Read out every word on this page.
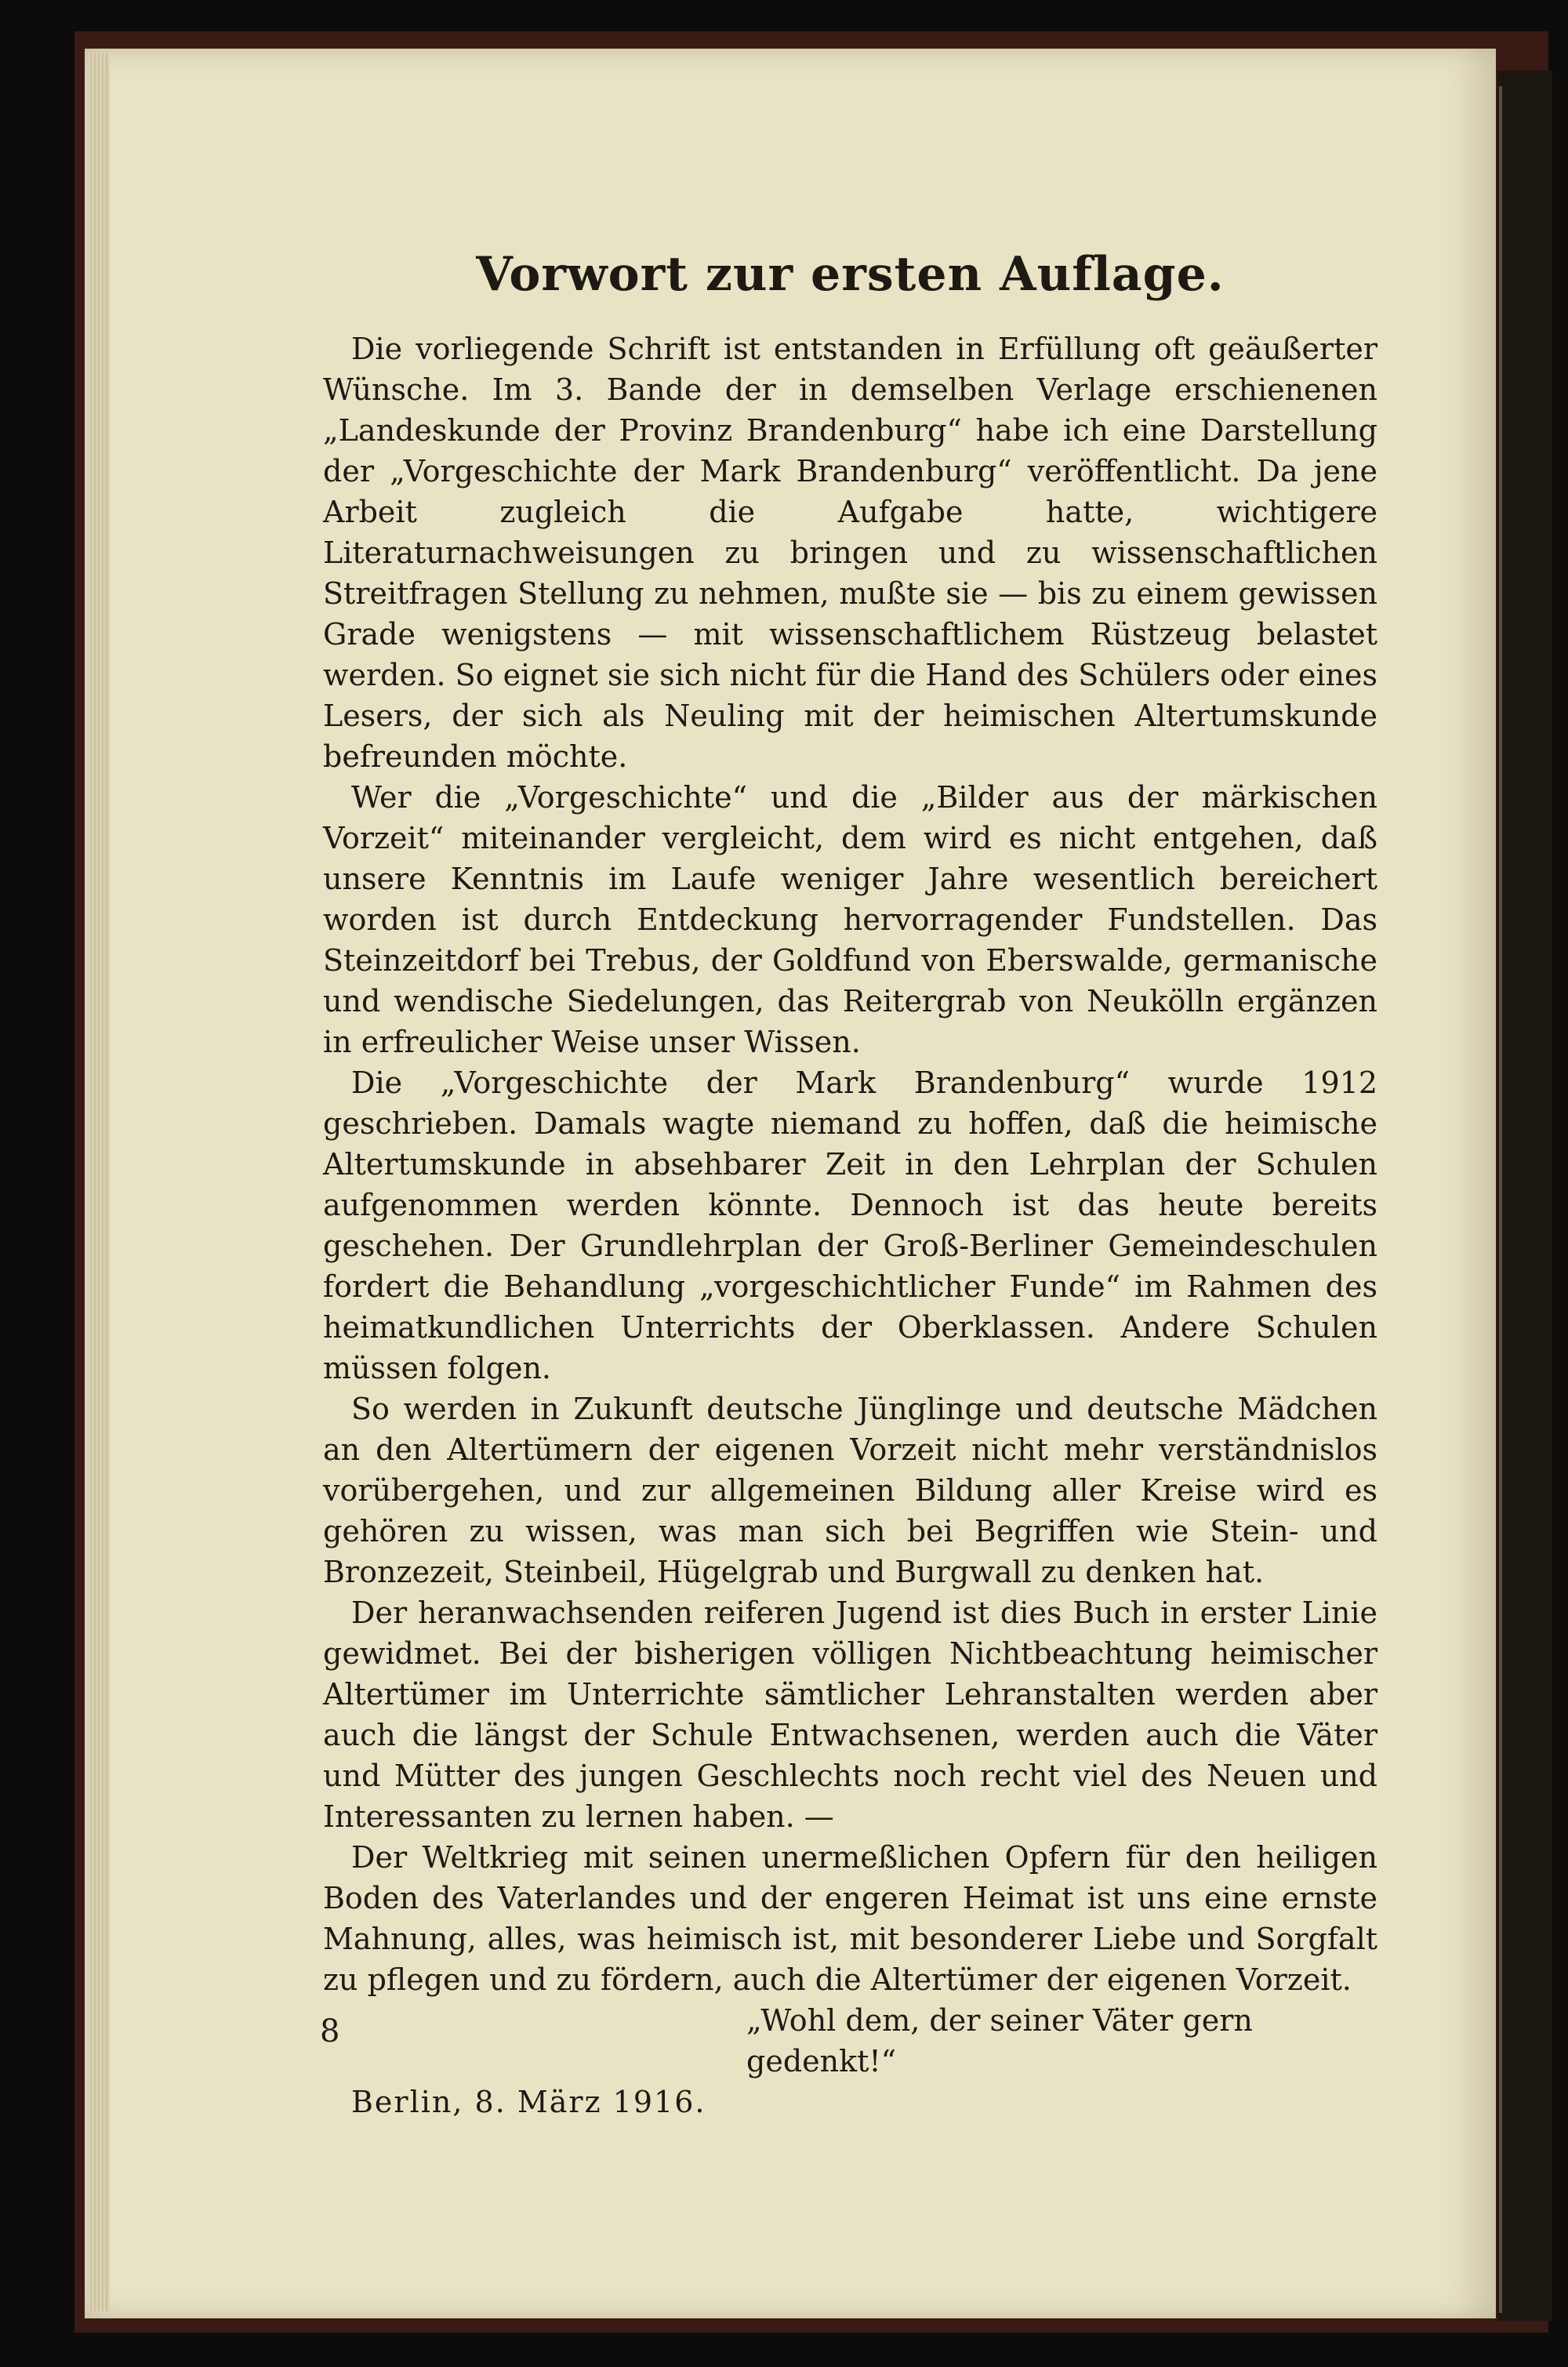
Vorwort zur ersten Auflage.

Die vorliegende Schrift ist entstanden in Erfüllung oft geäußerter Wünsche. Im 3. Bande der in demselben Verlage erschienenen „Landeskunde der Provinz Brandenburg“ habe ich eine Darstellung der „Vorgeschichte der Mark Brandenburg“ veröffentlicht. Da jene Arbeit zugleich die Aufgabe hatte, wichtigere Literaturnachweisungen zu bringen und zu wissenschaftlichen Streitfragen Stellung zu nehmen, mußte sie — bis zu einem gewissen Grade wenigstens — mit wissenschaftlichem Rüstzeug belastet werden. So eignet sie sich nicht für die Hand des Schülers oder eines Lesers, der sich als Neuling mit der heimischen Altertumskunde befreunden möchte.

Wer die „Vorgeschichte“ und die „Bilder aus der märkischen Vorzeit“ miteinander vergleicht, dem wird es nicht entgehen, daß unsere Kenntnis im Laufe weniger Jahre wesentlich bereichert worden ist durch Entdeckung hervorragender Fundstellen. Das Steinzeitdorf bei Trebus, der Goldfund von Eberswalde, germanische und wendische Siedelungen, das Reitergrab von Neukölln ergänzen in erfreulicher Weise unser Wissen.

Die „Vorgeschichte der Mark Brandenburg“ wurde 1912 geschrieben. Damals wagte niemand zu hoffen, daß die heimische Altertumskunde in absehbarer Zeit in den Lehrplan der Schulen aufgenommen werden könnte. Dennoch ist das heute bereits geschehen. Der Grundlehrplan der Groß-Berliner Gemeindeschulen fordert die Behandlung „vorgeschichtlicher Funde“ im Rahmen des heimatkundlichen Unterrichts der Oberklassen. Andere Schulen müssen folgen.

So werden in Zukunft deutsche Jünglinge und deutsche Mädchen an den Altertümern der eigenen Vorzeit nicht mehr verständnislos vorübergehen, und zur allgemeinen Bildung aller Kreise wird es gehören zu wissen, was man sich bei Begriffen wie Stein- und Bronzezeit, Steinbeil, Hügelgrab und Burgwall zu denken hat.

Der heranwachsenden reiferen Jugend ist dies Buch in erster Linie gewidmet. Bei der bisherigen völligen Nichtbeachtung heimischer Altertümer im Unterrichte sämtlicher Lehranstalten werden aber auch die längst der Schule Entwachsenen, werden auch die Väter und Mütter des jungen Geschlechts noch recht viel des Neuen und Interessanten zu lernen haben. —

Der Weltkrieg mit seinen unermeßlichen Opfern für den heiligen Boden des Vaterlandes und der engeren Heimat ist uns eine ernste Mahnung, alles, was heimisch ist, mit besonderer Liebe und Sorgfalt zu pflegen und zu fördern, auch die Altertümer der eigenen Vorzeit.

„Wohl dem, der seiner Väter gern gedenkt!“

Berlin, 8. März 1916.

8
